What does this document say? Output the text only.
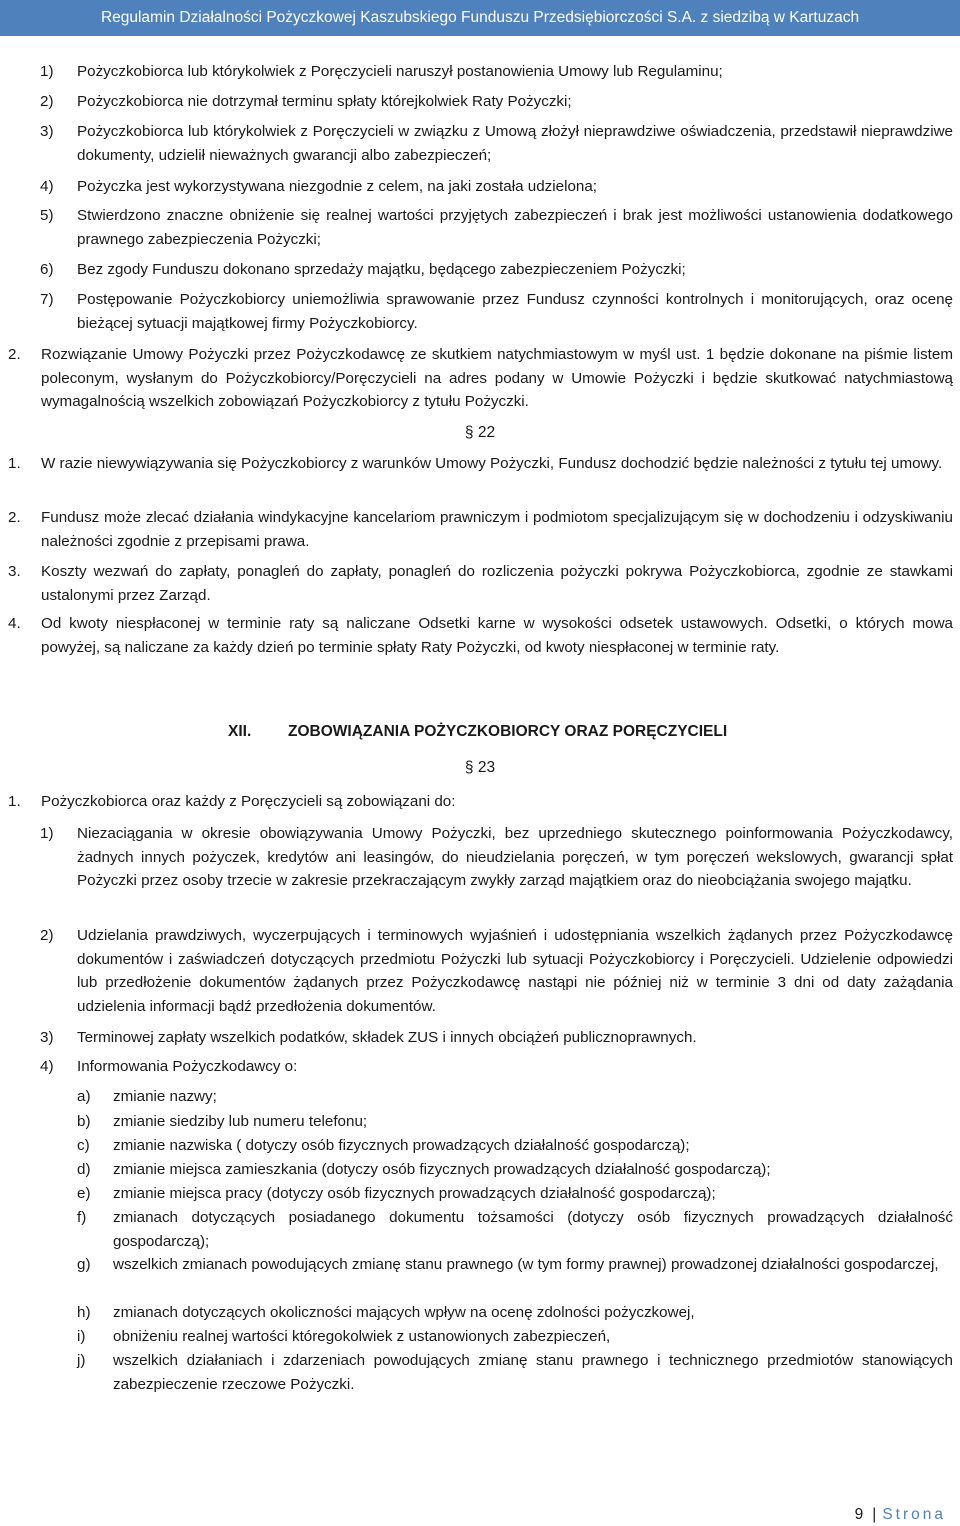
Regulamin Działalności Pożyczkowej Kaszubskiego Funduszu Przedsiębiorczości S.A. z siedzibą w Kartuzach
1) Pożyczkobiorca lub którykolwiek z Poręczycieli naruszył postanowienia Umowy lub Regulaminu;
2) Pożyczkobiorca nie dotrzymał terminu spłaty którejkolwiek Raty Pożyczki;
3) Pożyczkobiorca lub którykolwiek z Poręczycieli w związku z Umową złożył nieprawdziwe oświadczenia, przedstawił nieprawdziwe dokumenty, udzielił nieważnych gwarancji albo zabezpieczeń;
4) Pożyczka jest wykorzystywana niezgodnie z celem, na jaki została udzielona;
5) Stwierdzono znaczne obniżenie się realnej wartości przyjętych zabezpieczeń i brak jest możliwości ustanowienia dodatkowego prawnego zabezpieczenia Pożyczki;
6) Bez zgody Funduszu dokonano sprzedaży majątku, będącego zabezpieczeniem Pożyczki;
7) Postępowanie Pożyczkobiorcy uniemożliwia sprawowanie przez Fundusz czynności kontrolnych i monitorujących, oraz ocenę bieżącej sytuacji majątkowej firmy Pożyczkobiorcy.
2. Rozwiązanie Umowy Pożyczki przez Pożyczkodawcę ze skutkiem natychmiastowym w myśl ust. 1 będzie dokonane na piśmie listem poleconym, wysłanym do Pożyczkobiorcy/Poręczycieli na adres podany w Umowie Pożyczki i będzie skutkować natychmiastową wymagalnością wszelkich zobowiązań Pożyczkobiorcy z tytułu Pożyczki.
§ 22
1. W razie niewywiązywania się Pożyczkobiorcy z warunków Umowy Pożyczki, Fundusz dochodzić będzie należności z tytułu tej umowy.
2. Fundusz może zlecać działania windykacyjne kancelariom prawniczym i podmiotom specjalizującym się w dochodzeniu i odzyskiwaniu należności zgodnie z przepisami prawa.
3. Koszty wezwań do zapłaty, ponagleń do zapłaty, ponagleń do rozliczenia pożyczki pokrywa Pożyczkobiorca, zgodnie ze stawkami ustalonymi przez Zarząd.
4. Od kwoty niespłaconej w terminie raty są naliczane Odsetki karne w wysokości odsetek ustawowych. Odsetki, o których mowa powyżej, są naliczane za każdy dzień po terminie spłaty Raty Pożyczki, od kwoty niespłaconej w terminie raty.
XII. ZOBOWIĄZANIA POŻYCZKOBIORCY ORAZ PORĘCZYCIELI
§ 23
1. Pożyczkobiorca oraz każdy z Poręczycieli są zobowiązani do:
1) Niezaciągania w okresie obowiązywania Umowy Pożyczki, bez uprzedniego skutecznego poinformowania Pożyczkodawcy, żadnych innych pożyczek, kredytów ani leasingów, do nieudzielania poręczeń, w tym poręczeń wekslowych, gwarancji spłat Pożyczki przez osoby trzecie w zakresie przekraczającym zwykły zarząd majątkiem oraz do nieobciążania swojego majątku.
2) Udzielania prawdziwych, wyczerpujących i terminowych wyjaśnień i udostępniania wszelkich żądanych przez Pożyczkodawcę dokumentów i zaświadczeń dotyczących przedmiotu Pożyczki lub sytuacji Pożyczkobiorcy i Poręczycieli. Udzielenie odpowiedzi lub przedłożenie dokumentów żądanych przez Pożyczkodawcę nastąpi nie później niż w terminie 3 dni od daty zażądania udzielenia informacji bądź przedłożenia dokumentów.
3) Terminowej zapłaty wszelkich podatków, składek ZUS i innych obciążeń publicznoprawnych.
4) Informowania Pożyczkodawcy o:
a) zmianie nazwy;
b) zmianie siedziby lub numeru telefonu;
c) zmianie nazwiska ( dotyczy osób fizycznych prowadzących działalność gospodarczą);
d) zmianie miejsca zamieszkania (dotyczy osób fizycznych prowadzących działalność gospodarczą);
e) zmianie miejsca pracy (dotyczy osób fizycznych prowadzących działalność gospodarczą);
f) zmianach dotyczących posiadanego dokumentu tożsamości (dotyczy osób fizycznych prowadzących działalność gospodarczą);
g) wszelkich zmianach powodujących zmianę stanu prawnego (w tym formy prawnej) prowadzonej działalności gospodarczej,
h) zmianach dotyczących okoliczności mających wpływ na ocenę zdolności pożyczkowej,
i) obniżeniu realnej wartości któregokolwiek z ustanowionych zabezpieczeń,
j) wszelkich działaniach i zdarzeniach powodujących zmianę stanu prawnego i technicznego przedmiotów stanowiących zabezpieczenie rzeczowe Pożyczki.
9 | Strona
